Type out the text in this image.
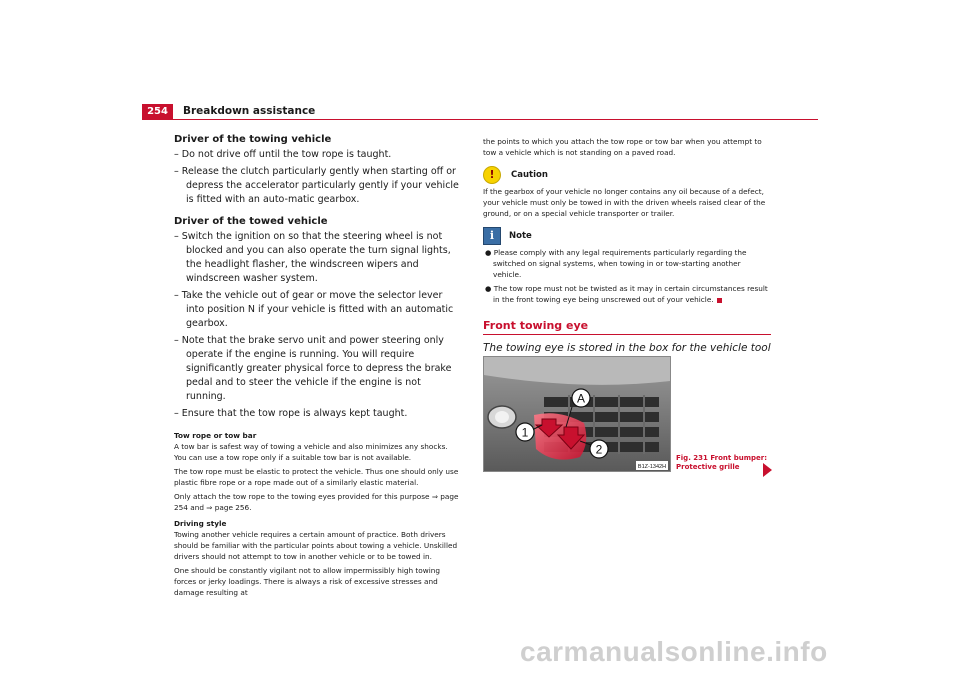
254	Breakdown assistance
Driver of the towing vehicle
– Do not drive off until the tow rope is taught.
– Release the clutch particularly gently when starting off or depress the accelerator particularly gently if your vehicle is fitted with an auto-matic gearbox.
Driver of the towed vehicle
– Switch the ignition on so that the steering wheel is not blocked and you can also operate the turn signal lights, the headlight flasher, the windscreen wipers and windscreen washer system.
– Take the vehicle out of gear or move the selector lever into position N if your vehicle is fitted with an automatic gearbox.
– Note that the brake servo unit and power steering only operate if the engine is running. You will require significantly greater physical force to depress the brake pedal and to steer the vehicle if the engine is not running.
– Ensure that the tow rope is always kept taught.
Tow rope or tow bar
A tow bar is safest way of towing a vehicle and also minimizes any shocks. You can use a tow rope only if a suitable tow bar is not available.
The tow rope must be elastic to protect the vehicle. Thus one should only use plastic fibre rope or a rope made out of a similarly elastic material.
Only attach the tow rope to the towing eyes provided for this purpose ⇒ page 254 and ⇒ page 256.
Driving style
Towing another vehicle requires a certain amount of practice. Both drivers should be familiar with the particular points about towing a vehicle. Unskilled drivers should not attempt to tow in another vehicle or to be towed in.
One should be constantly vigilant not to allow impermissibly high towing forces or jerky loadings. There is always a risk of excessive stresses and damage resulting at
the points to which you attach the tow rope or tow bar when you attempt to tow a vehicle which is not standing on a paved road.
!	Caution
If the gearbox of your vehicle no longer contains any oil because of a defect, your vehicle must only be towed in with the driven wheels raised clear of the ground, or on a special vehicle transporter or trailer.
i	Note
● Please comply with any legal requirements particularly regarding the switched on signal systems, when towing in or tow-starting another vehicle.
● The tow rope must not be twisted as it may in certain circumstances result in the front towing eye being unscrewed out of your vehicle.
Front towing eye
The towing eye is stored in the box for the vehicle tool
A
1
2
B1Z-1342H
Fig. 231 Front bumper:
Protective grille
carmanualsonline.info
